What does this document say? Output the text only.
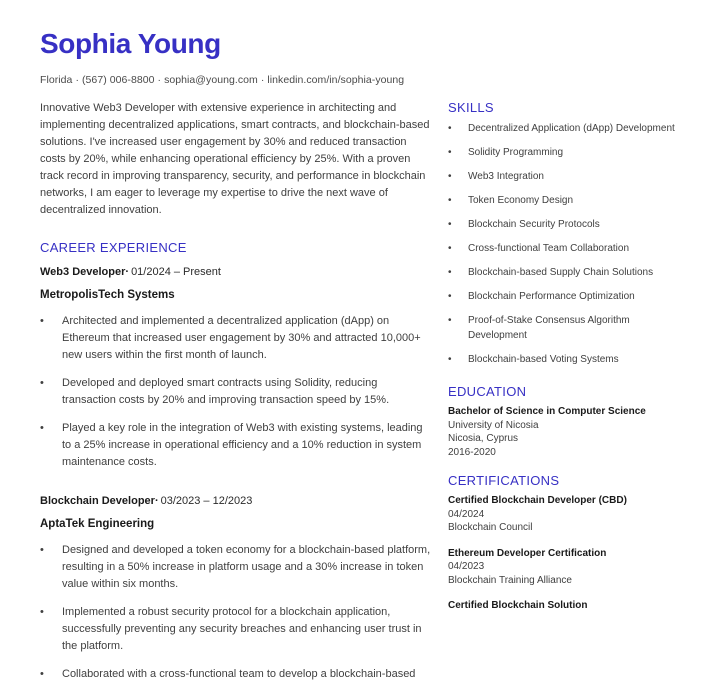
Sophia Young
Florida · (567) 006-8800 · sophia@young.com · linkedin.com/in/sophia-young
Innovative Web3 Developer with extensive experience in architecting and implementing decentralized applications, smart contracts, and blockchain-based solutions. I've increased user engagement by 30% and reduced transaction costs by 20%, while enhancing operational efficiency by 25%. With a proven track record in improving transparency, security, and performance in blockchain networks, I am eager to leverage my expertise to drive the next wave of decentralized innovation.
CAREER EXPERIENCE
Web3 Developer· 01/2024 – Present
MetropolisTech Systems
• Architected and implemented a decentralized application (dApp) on Ethereum that increased user engagement by 30% and attracted 10,000+ new users within the first month of launch.
• Developed and deployed smart contracts using Solidity, reducing transaction costs by 20% and improving transaction speed by 15%.
• Played a key role in the integration of Web3 with existing systems, leading to a 25% increase in operational efficiency and a 10% reduction in system maintenance costs.
Blockchain Developer· 03/2023 – 12/2023
AptaTek Engineering
• Designed and developed a token economy for a blockchain-based platform, resulting in a 50% increase in platform usage and a 30% increase in token value within six months.
• Implemented a robust security protocol for a blockchain application, successfully preventing any security breaches and enhancing user trust in the platform.
• Collaborated with a cross-functional team to develop a blockchain-based
SKILLS
• Decentralized Application (dApp) Development
• Solidity Programming
• Web3 Integration
• Token Economy Design
• Blockchain Security Protocols
• Cross-functional Team Collaboration
• Blockchain-based Supply Chain Solutions
• Blockchain Performance Optimization
• Proof-of-Stake Consensus Algorithm Development
• Blockchain-based Voting Systems
EDUCATION
Bachelor of Science in Computer Science
University of Nicosia
Nicosia, Cyprus
2016-2020
CERTIFICATIONS
Certified Blockchain Developer (CBD)
04/2024
Blockchain Council
Ethereum Developer Certification
04/2023
Blockchain Training Alliance
Certified Blockchain Solution
